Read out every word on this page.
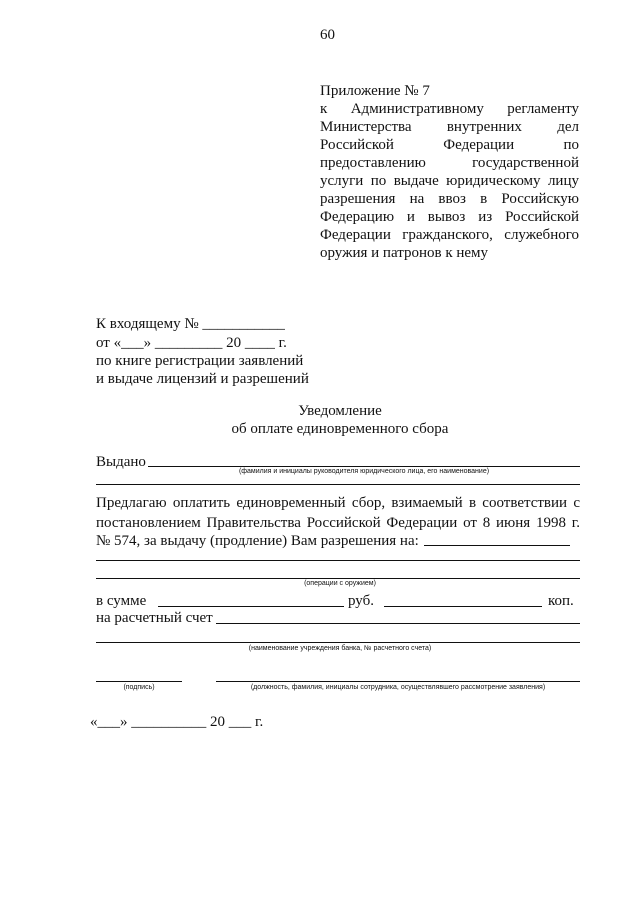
60
Приложение № 7
к Административному регламенту
Министерства внутренних дел
Российской Федерации по
предоставлению государственной
услуги по выдаче юридическому лицу
разрешения на ввоз в Российскую
Федерацию и вывоз из Российской
Федерации гражданского, служебного
оружия и патронов к нему
К входящему № ___________
от «___» _________ 20 ____ г.
по книге регистрации заявлений
и выдаче лицензий и разрешений
Уведомление
об оплате единовременного сбора
Выдано
(фамилия и инициалы руководителя юридического лица, его наименование)
Предлагаю оплатить единовременный сбор, взимаемый в соответствии с
постановлением Правительства Российской Федерации от 8 июня 1998 г.
№ 574, за выдачу (продление) Вам разрешения на:
(операции с оружием)
в сумме	руб.	коп.
на расчетный счет
(наименование учреждения банка, № расчетного счета)
(подпись)	(должность, фамилия, инициалы сотрудника, осуществлявшего рассмотрение заявления)
«___» __________ 20 ___ г.
